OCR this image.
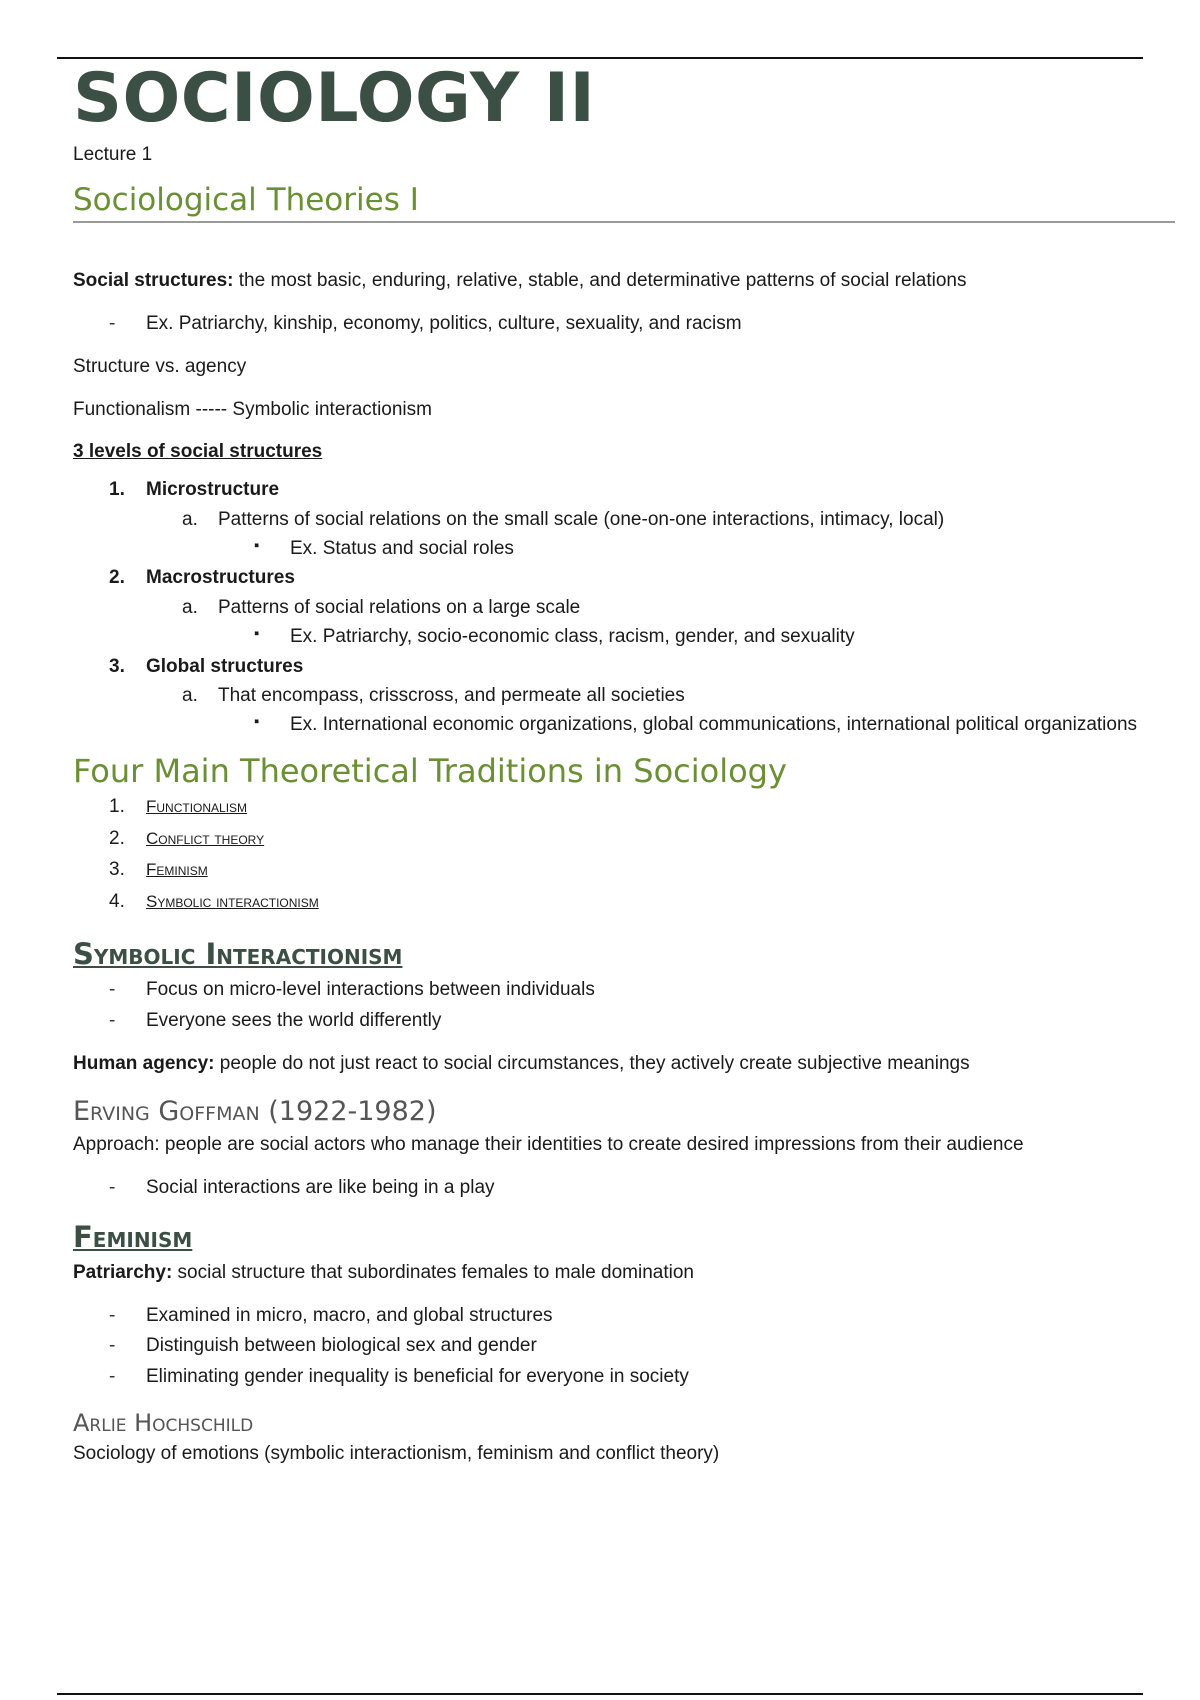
SOCIOLOGY II
Lecture 1
Sociological Theories I

Social structures: the most basic, enduring, relative, stable, and determinative patterns of social relations

- Ex. Patriarchy, kinship, economy, politics, culture, sexuality, and racism

Structure vs. agency

Functionalism ----- Symbolic interactionism

3 levels of social structures

1. Microstructure
a. Patterns of social relations on the small scale (one-on-one interactions, intimacy, local)
▪ Ex. Status and social roles
2. Macrostructures
a. Patterns of social relations on a large scale
▪ Ex. Patriarchy, socio-economic class, racism, gender, and sexuality
3. Global structures
a. That encompass, crisscross, and permeate all societies
▪ Ex. International economic organizations, global communications, international political organizations
Four Main Theoretical Traditions in Sociology
1. Functionalism
2. Conflict theory
3. Feminism
4. Symbolic interactionism
Symbolic Interactionism
- Focus on micro-level interactions between individuals
- Everyone sees the world differently

Human agency: people do not just react to social circumstances, they actively create subjective meanings

Erving Goffman (1922-1982)

Approach: people are social actors who manage their identities to create desired impressions from their audience

- Social interactions are like being in a play
Feminism

Patriarchy: social structure that subordinates females to male domination

- Examined in micro, macro, and global structures
- Distinguish between biological sex and gender
- Eliminating gender inequality is beneficial for everyone in society
Arlie Hochschild

Sociology of emotions (symbolic interactionism, feminism and conflict theory)
